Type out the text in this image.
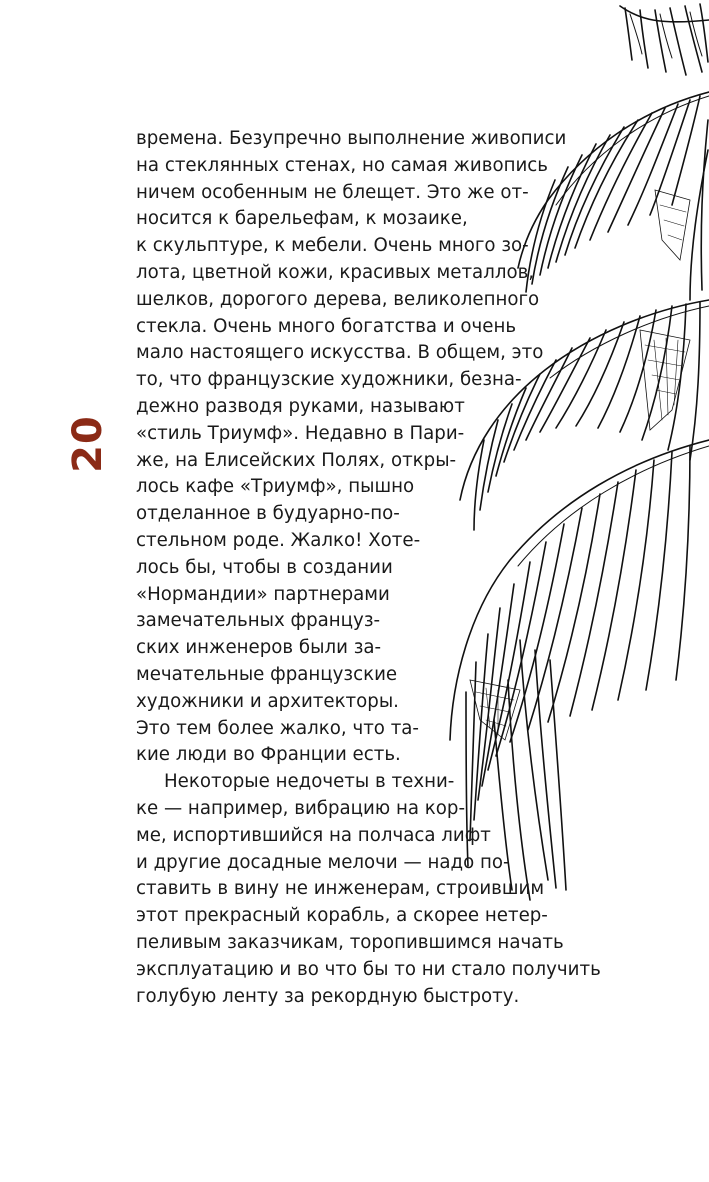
20
времена. Безупречно выполнение живописи
на стеклянных стенах, но самая живопись
ничем особенным не блещет. Это же от-
носится к барельефам, к мозаике,
к скульптуре, к мебели. Очень много зо-
лота, цветной кожи, красивых металлов,
шелков, дорогого дерева, великолепного
стекла. Очень много богатства и очень
мало настоящего искусства. В общем, это
то, что французские художники, безна-
дежно разводя руками, называют
«стиль Триумф». Недавно в Пари-
же, на Елисейских Полях, откры-
лось кафе «Триумф», пышно
отделанное в будуарно-по-
стельном роде. Жалко! Хоте-
лось бы, чтобы в создании
«Нормандии» партнерами
замечательных француз-
ских инженеров были за-
мечательные французские
художники и архитекторы.
Это тем более жалко, что та-
кие люди во Франции есть.
Некоторые недочеты в техни-
ке — например, вибрацию на кор-
ме, испортившийся на полчаса лифт
и другие досадные мелочи — надо по-
ставить в вину не инженерам, строившим
этот прекрасный корабль, а скорее нетер-
пеливым заказчикам, торопившимся начать
эксплуатацию и во что бы то ни стало получить
голубую ленту за рекордную быстроту.
